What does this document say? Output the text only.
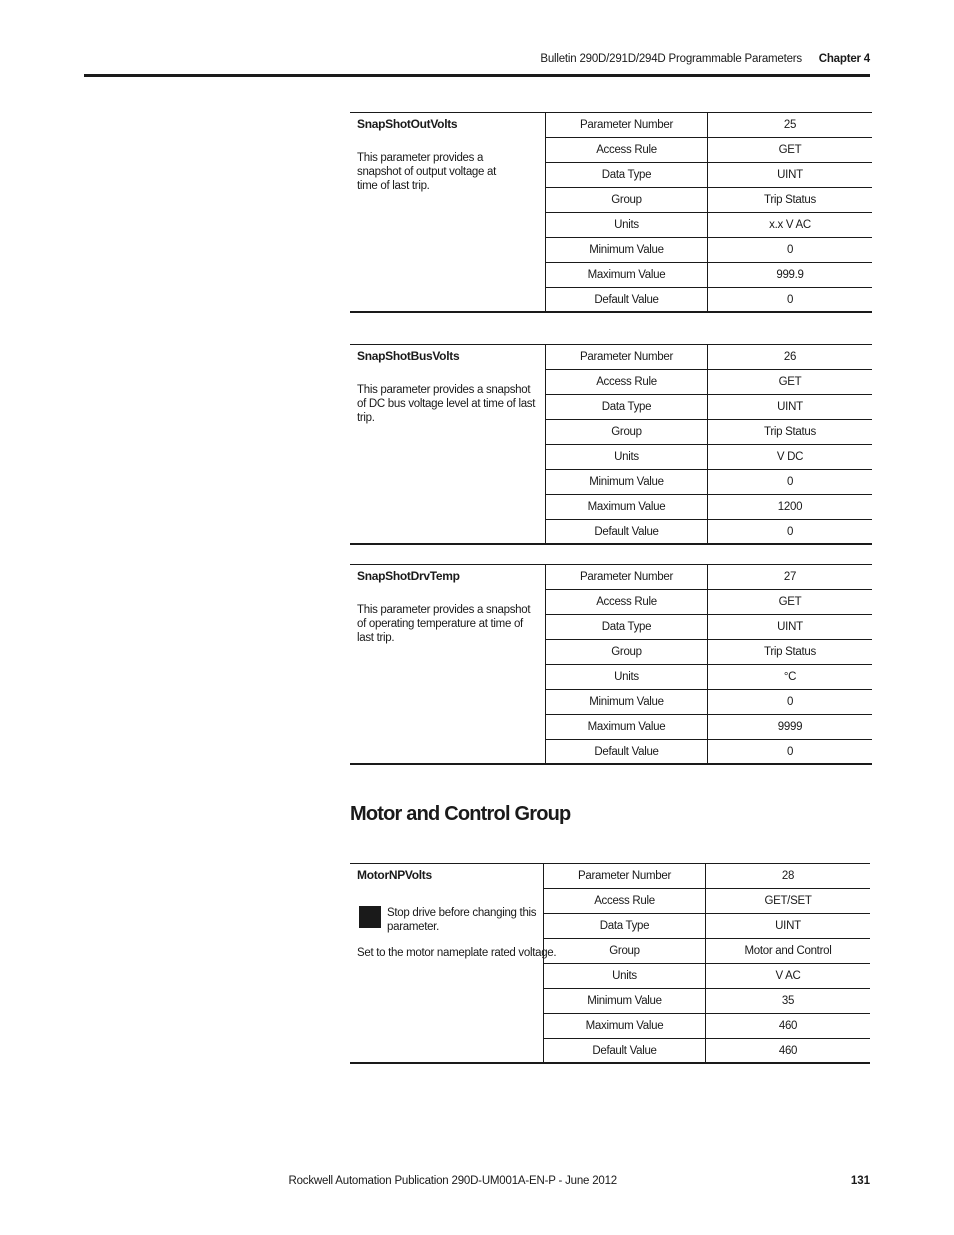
Bulletin 290D/291D/294D Programmable Parameters Chapter 4
SnapShotOutVolts
This parameter provides a snapshot of output voltage at time of last trip.
Parameter Number	25
Access Rule	GET
Data Type	UINT
Group	Trip Status
Units	x.x V AC
Minimum Value	0
Maximum Value	999.9
Default Value	0
SnapShotBusVolts
This parameter provides a snapshot of DC bus voltage level at time of last trip.
Parameter Number	26
Access Rule	GET
Data Type	UINT
Group	Trip Status
Units	V DC
Minimum Value	0
Maximum Value	1200
Default Value	0
SnapShotDrvTemp
This parameter provides a snapshot of operating temperature at time of last trip.
Parameter Number	27
Access Rule	GET
Data Type	UINT
Group	Trip Status
Units	°C
Minimum Value	0
Maximum Value	9999
Default Value	0
Motor and Control Group
MotorNPVolts
Stop drive before changing this parameter.
Set to the motor nameplate rated voltage.
Parameter Number	28
Access Rule	GET/SET
Data Type	UINT
Group	Motor and Control
Units	V AC
Minimum Value	35
Maximum Value	460
Default Value	460
Rockwell Automation Publication 290D-UM001A-EN-P - June 2012	131
